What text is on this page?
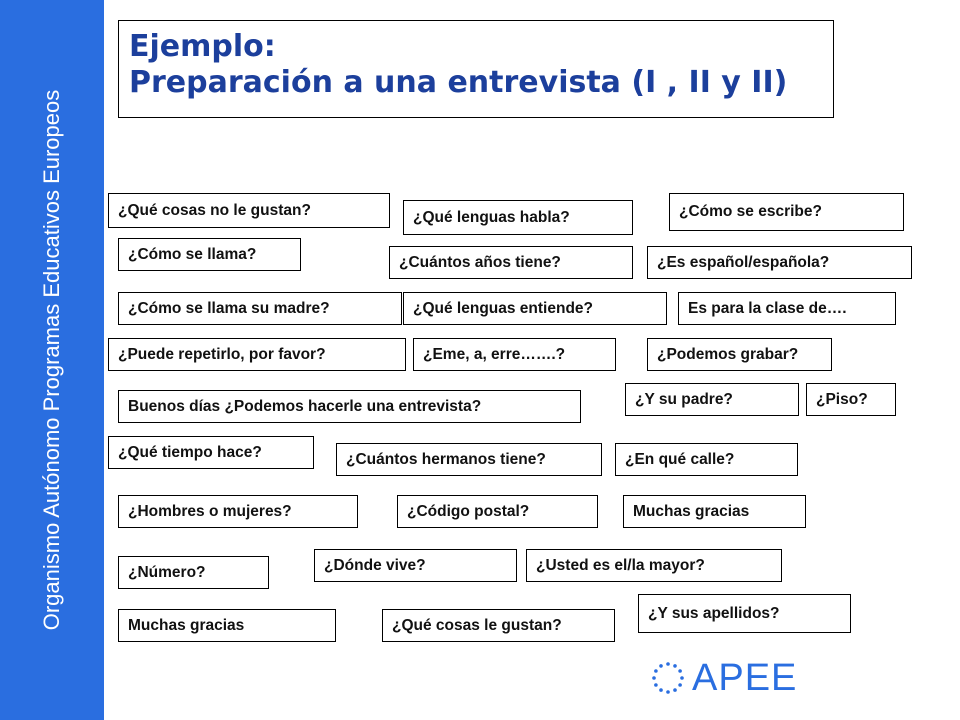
Organismo Autónomo Programas Educativos Europeos
Ejemplo:
Preparación a una entrevista (I , II y II)
¿Qué cosas no le gustan?	¿Qué lenguas habla?	¿Cómo se escribe?
¿Cómo se llama?	¿Cuántos años tiene?	¿Es español/española?
¿Cómo se llama su madre?	¿Qué lenguas entiende?	Es para la clase de….
¿Puede repetirlo, por favor?	¿Eme, a, erre…….?	¿Podemos grabar?
¿Y su padre?	¿Piso?
Buenos días ¿Podemos hacerle una entrevista?
¿Qué tiempo hace?	¿Cuántos hermanos tiene?	¿En qué calle?
¿Hombres o mujeres?	¿Código postal?	Muchas gracias
¿Número?	¿Dónde vive?	¿Usted es el/la mayor?
¿Y sus apellidos?
Muchas gracias	¿Qué cosas le gustan?
APEE
